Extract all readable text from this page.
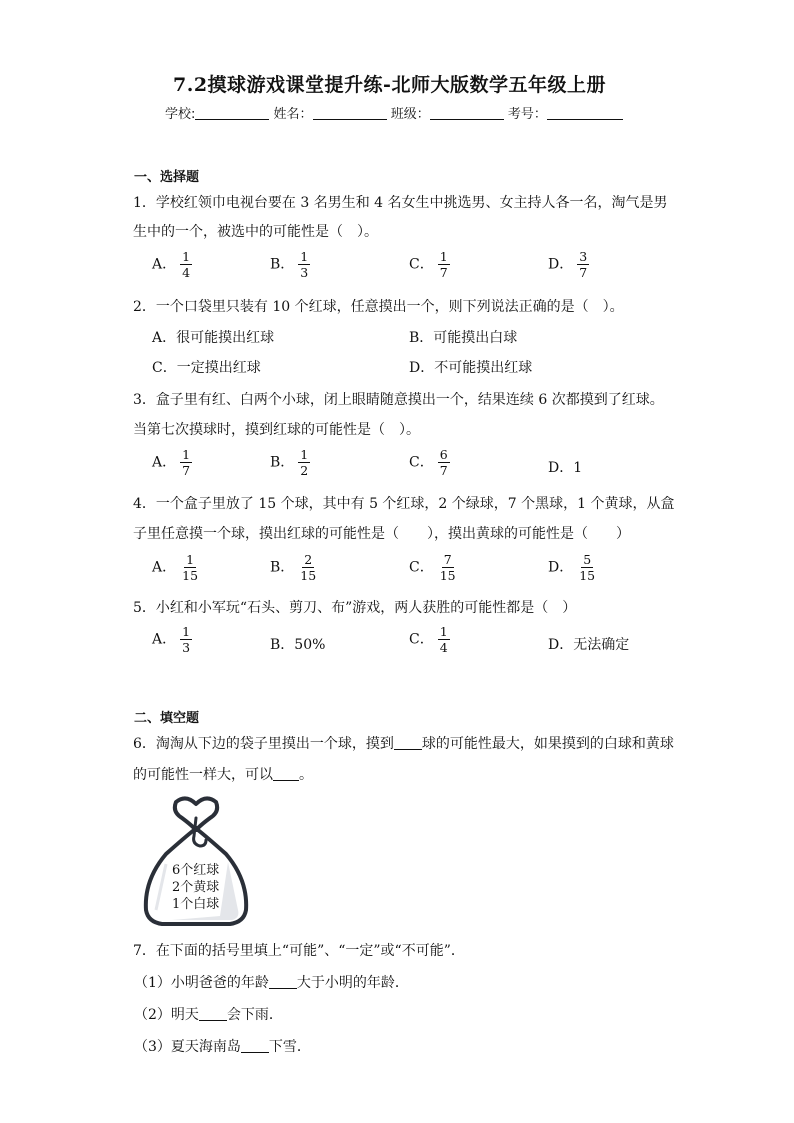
7.2摸球游戏课堂提升练-北师大版数学五年级上册
学校:	姓名：	班级：	考号：
一、选择题
1．学校红领巾电视台要在 3 名男生和 4 名女生中挑选男、女主持人各一名，淘气是男
生中的一个，被选中的可能性是（　）。
A． $\frac{1}{4}$	B． $\frac{1}{3}$	C． $\frac{1}{7}$	D． $\frac{3}{7}$
2．一个口袋里只装有 10 个红球，任意摸出一个，则下列说法正确的是（　）。
A．很可能摸出红球	B．可能摸出白球
C．一定摸出红球	D．不可能摸出红球
3．盒子里有红、白两个小球，闭上眼睛随意摸出一个，结果连续 6 次都摸到了红球。
当第七次摸球时，摸到红球的可能性是（　）。
A． $\frac{1}{7}$	B． $\frac{1}{2}$	C． $\frac{6}{7}$	D．1
4．一个盒子里放了 15 个球，其中有 5 个红球，2 个绿球，7 个黑球，1 个黄球，从盒
子里任意摸一个球，摸出红球的可能性是（　　），摸出黄球的可能性是（　　）
A． $\frac{1}{15}$	B． $\frac{2}{15}$	C． $\frac{7}{15}$	D． $\frac{5}{15}$
5．小红和小军玩“石头、剪刀、布”游戏，两人获胜的可能性都是（　）
A． $\frac{1}{3}$	B．50%	C． $\frac{1}{4}$	D．无法确定
二、填空题
6．淘淘从下边的袋子里摸出一个球，摸到 球的可能性最大，如果摸到的白球和黄球
的可能性一样大，可以 。
6个红球
2个黄球
1个白球
7．在下面的括号里填上“可能”、“一定”或“不可能”．
（1）小明爸爸的年龄 大于小明的年龄．
（2）明天 会下雨．
（3）夏天海南岛 下雪．
